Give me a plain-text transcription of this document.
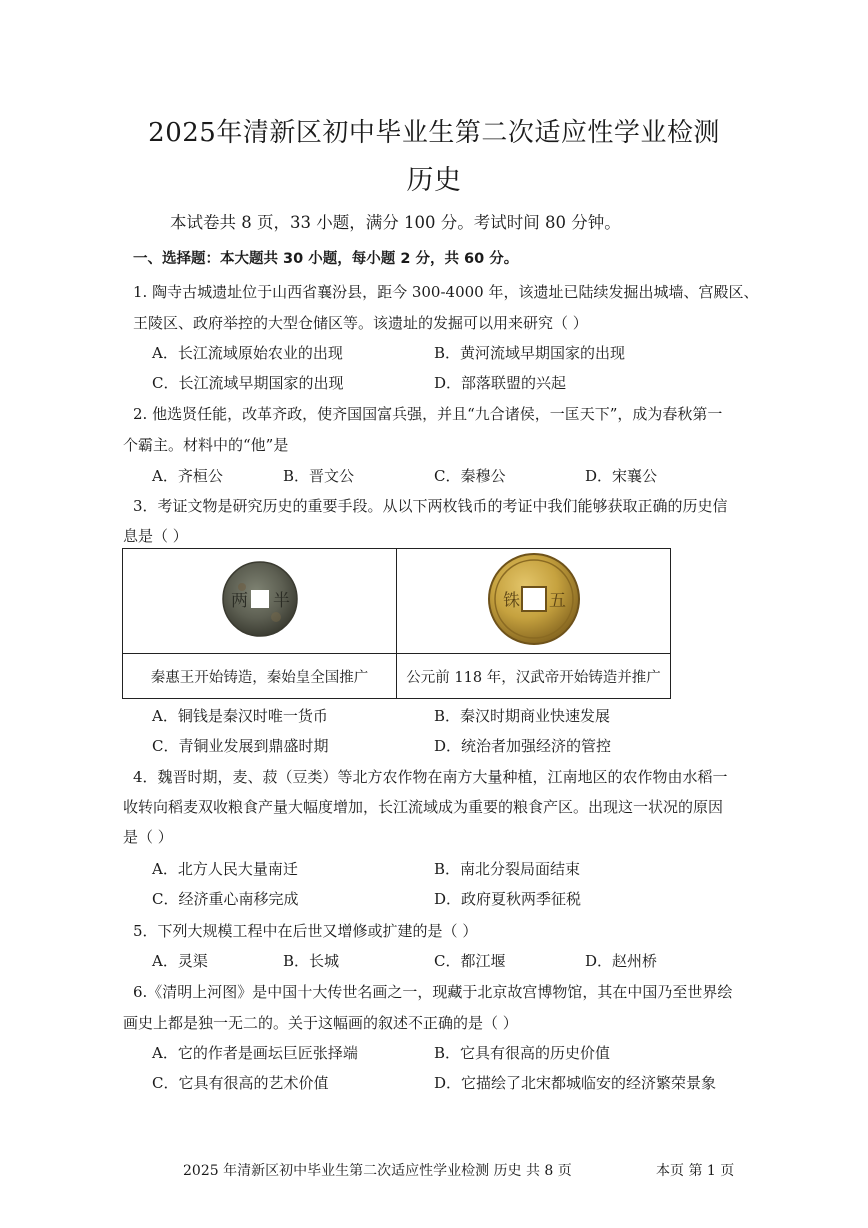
2025年清新区初中毕业生第二次适应性学业检测
历史
本试卷共 8 页，33 小题，满分 100 分。考试时间 80 分钟。
一、选择题：本大题共 30 小题，每小题 2 分，共 60 分。
1. 陶寺古城遗址位于山西省襄汾县，距今 300-4000 年，该遗址已陆续发掘出城墙、宫殿区、
王陵区、政府举控的大型仓储区等。该遗址的发掘可以用来研究（ ）
A．长江流域原始农业的出现	B．黄河流域早期国家的出现
C．长江流域早期国家的出现	D．部落联盟的兴起
2. 他选贤任能，改革齐政，使齐国国富兵强，并且“九合诸侯，一匡天下”，成为春秋第一
个霸主。材料中的“他”是
A．齐桓公	B．晋文公	C．秦穆公	D．宋襄公
3．考证文物是研究历史的重要手段。从以下两枚钱币的考证中我们能够获取正确的历史信
息是（ ）
两 半	铢 五

秦惠王开始铸造，秦始皇全国推广	公元前 118 年，汉武帝开始铸造并推广
A．铜钱是秦汉时唯一货币	B．秦汉时期商业快速发展
C．青铜业发展到鼎盛时期	D．统治者加强经济的管控
4．魏晋时期，麦、菽（豆类）等北方农作物在南方大量种植，江南地区的农作物由水稻一
收转向稻麦双收粮食产量大幅度增加，长江流域成为重要的粮食产区。出现这一状况的原因
是（ ）
A．北方人民大量南迁	B．南北分裂局面结束
C．经济重心南移完成	D．政府夏秋两季征税
5．下列大规模工程中在后世又增修或扩建的是（ ）
A．灵渠	B．长城	C．都江堰	D．赵州桥
6.《清明上河图》是中国十大传世名画之一，现藏于北京故宫博物馆，其在中国乃至世界绘
画史上都是独一无二的。关于这幅画的叙述不正确的是（ ）
A．它的作者是画坛巨匠张择端	B．它具有很高的历史价值
C．它具有很高的艺术价值	D．它描绘了北宋都城临安的经济繁荣景象
2025 年清新区初中毕业生第二次适应性学业检测 历史 共 8 页	本页 第 1 页
